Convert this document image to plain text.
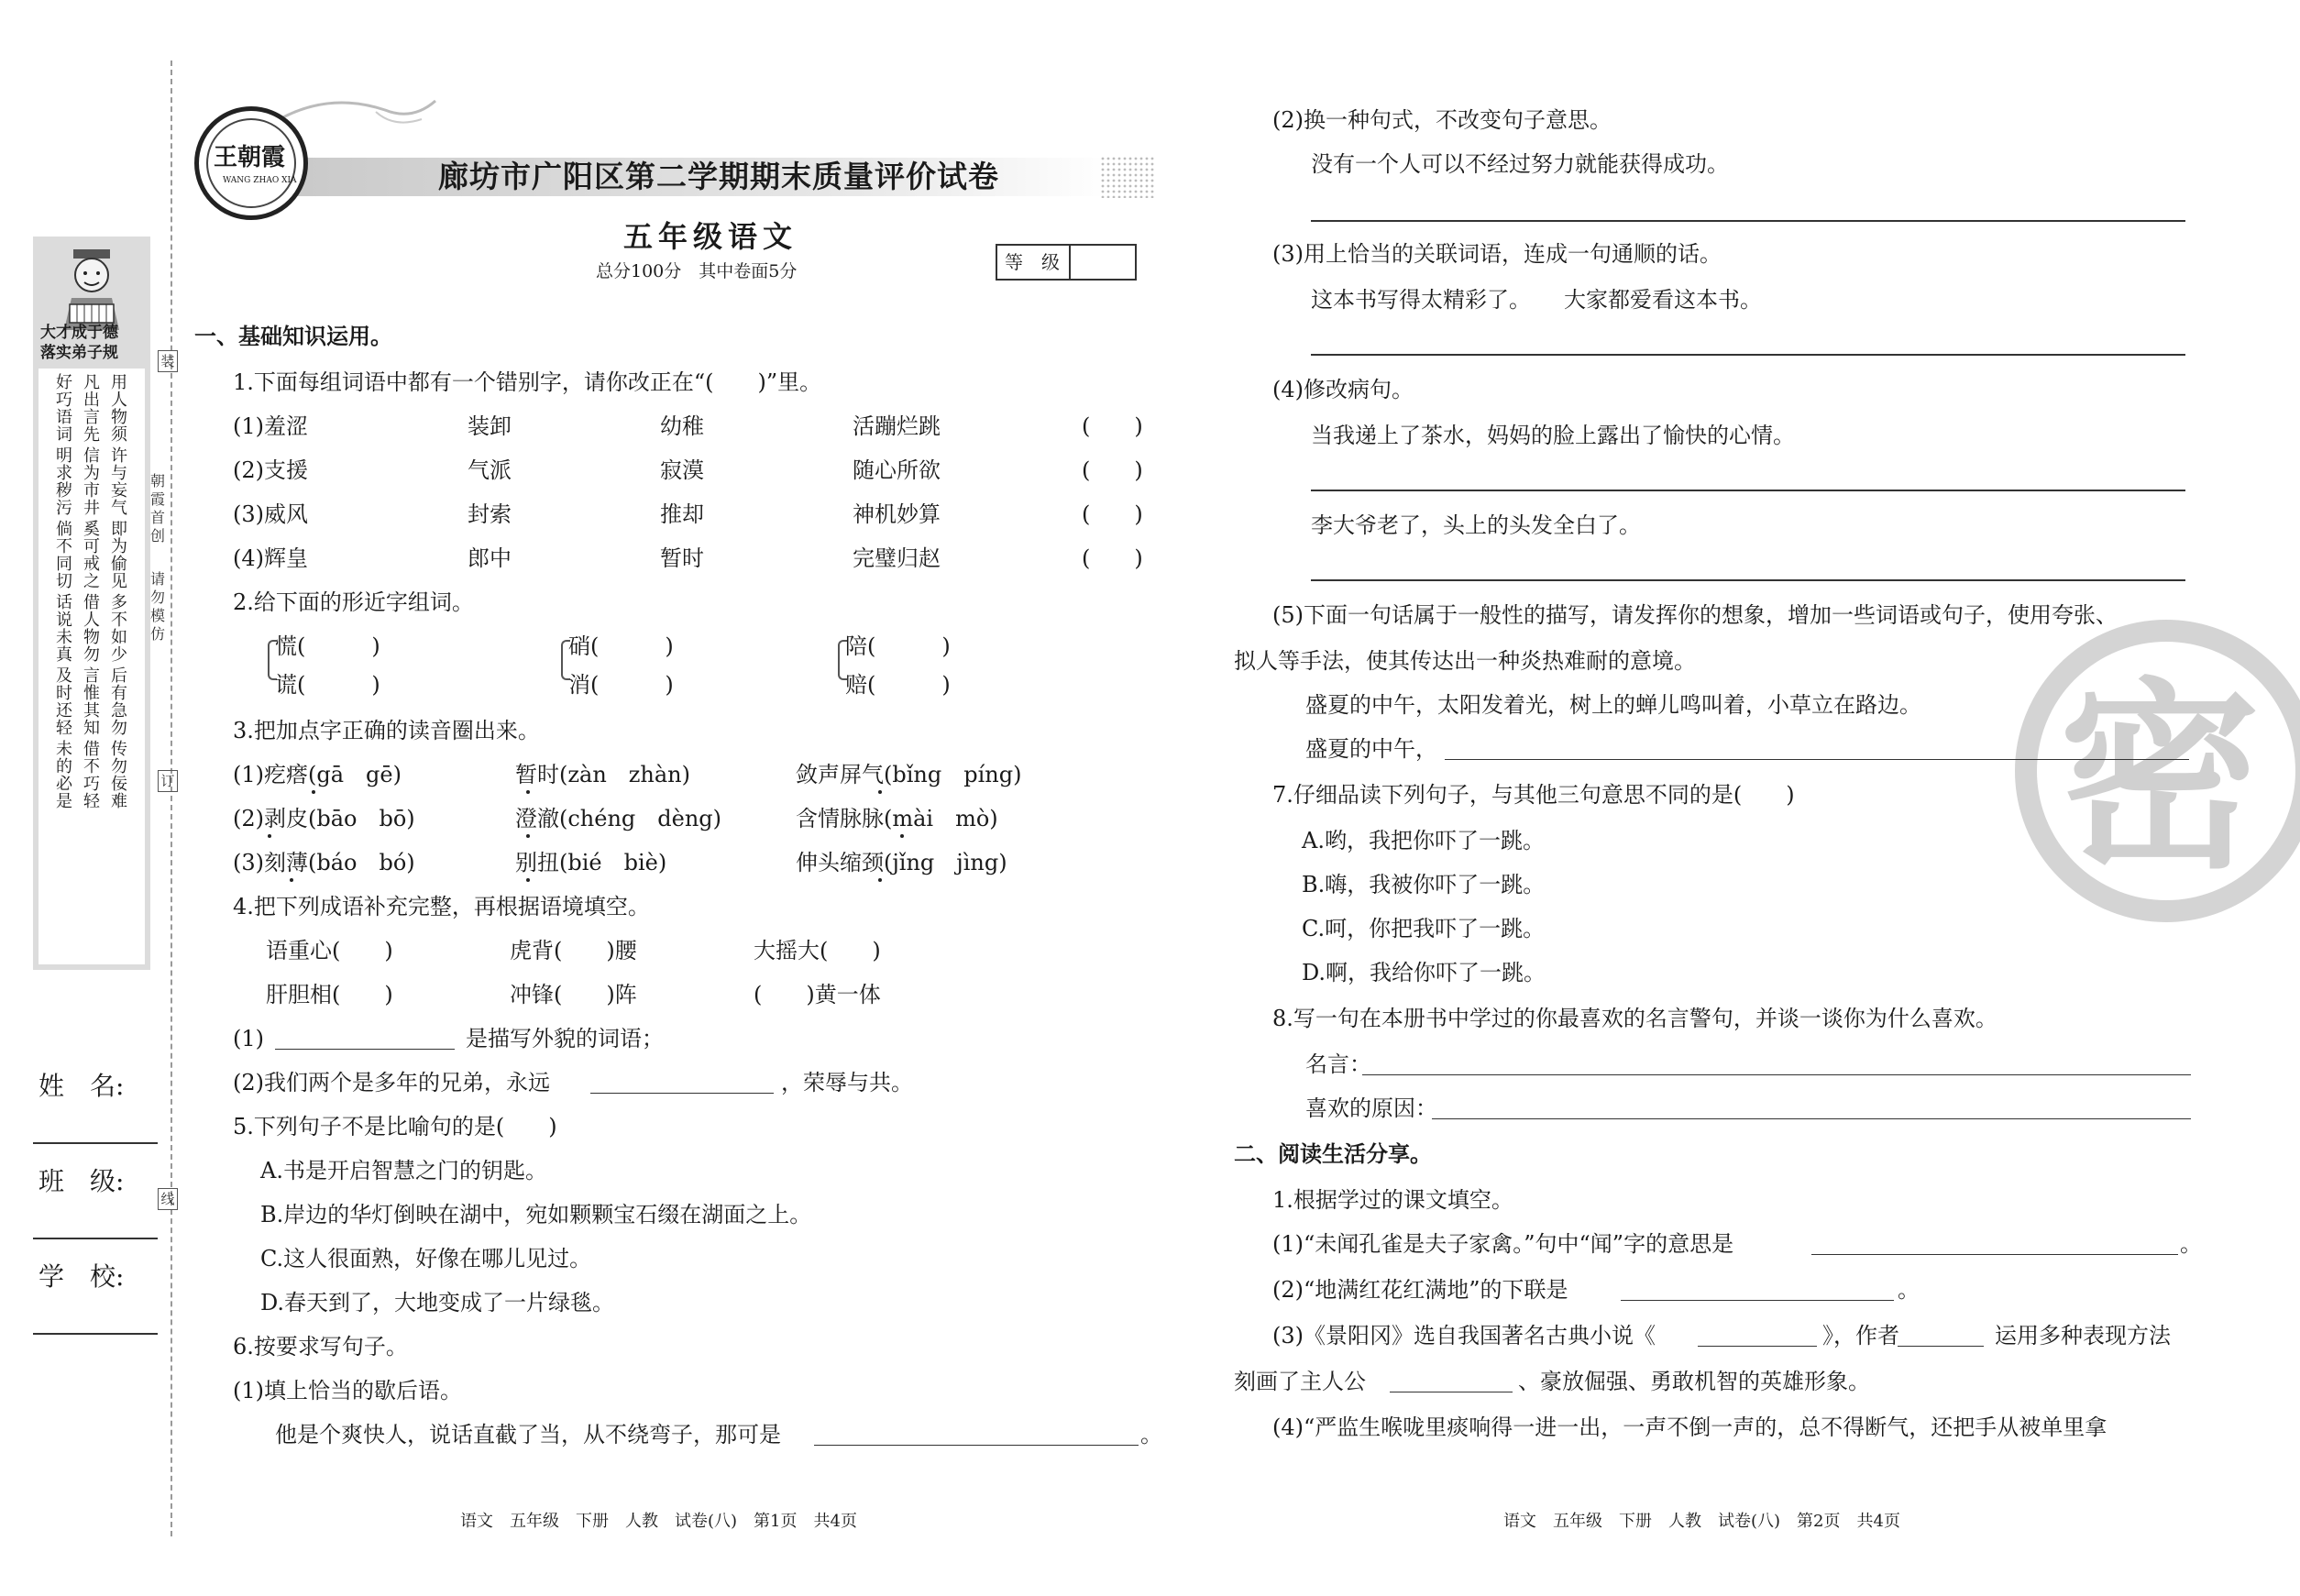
装
订
线
朝霞首创
请勿模仿
大才成于德
落实弟子规
好巧语词
凡出言先
用人物须
明求秽污
信为市井
许与妄气
倘不同切
奚可戒之
即为偷见
话说未真
借人物勿
多不如少
及时还轻
言惟其知
后有急勿
未的必是
借不巧轻
传勿佞难
姓　名:
班　级:
学　校:
王朝霞
WANG ZHAO XIA	廊坊市广阳区第二学期期末质量评价试卷
五年级语文
总分100分　其中卷面5分	等　级
一、基础知识运用。
1.下面每组词语中都有一个错别字，请你改正在“(　　)”里。
(1)羞涩	装卸	幼稚	活蹦烂跳	(　　)
(2)支援	气派	寂漠	随心所欲	(　　)
(3)威风	封索	推却	神机妙算	(　　)
(4)辉皇	郎中	暂时	完璧归赵	(　　)
2.给下面的形近字组词。
慌(　　　)
谎(　　　)
硝(　　　)
消(　　　)
陪(　　　)
赔(　　　)
3.把加点字正确的读音圈出来。
(1)疙瘩(gā　gē)	暂时(zàn　zhàn)	敛声屏气(bǐng　píng)
(2)剥皮(bāo　bō)	澄澈(chéng　dèng)	含情脉脉(mài　mò)
(3)刻薄(báo　bó)	别扭(bié　biè)	伸头缩颈(jǐng　jìng)
4.把下列成语补充完整，再根据语境填空。
语重心(　　)	虎背(　　)腰	大摇大(　　)
肝胆相(　　)	冲锋(　　)阵	(　　)黄一体
(1)	是描写外貌的词语；
(2)我们两个是多年的兄弟，永远	，荣辱与共。
5.下列句子不是比喻句的是(　　)
A.书是开启智慧之门的钥匙。
B.岸边的华灯倒映在湖中，宛如颗颗宝石缀在湖面之上。
C.这人很面熟，好像在哪儿见过。
D.春天到了，大地变成了一片绿毯。
6.按要求写句子。
(1)填上恰当的歇后语。
他是个爽快人，说话直截了当，从不绕弯子，那可是	。
语文　五年级　下册　人教　试卷(八)　第1页　共4页
密
(2)换一种句式，不改变句子意思。
没有一个人可以不经过努力就能获得成功。
(3)用上恰当的关联词语，连成一句通顺的话。
这本书写得太精彩了。　　大家都爱看这本书。
(4)修改病句。
当我递上了茶水，妈妈的脸上露出了愉快的心情。
李大爷老了，头上的头发全白了。
(5)下面一句话属于一般性的描写，请发挥你的想象，增加一些词语或句子，使用夸张、
拟人等手法，使其传达出一种炎热难耐的意境。
盛夏的中午，太阳发着光，树上的蝉儿鸣叫着，小草立在路边。
盛夏的中午，
7.仔细品读下列句子，与其他三句意思不同的是(　　)
A.哟，我把你吓了一跳。
B.嗨，我被你吓了一跳。
C.呵，你把我吓了一跳。
D.啊，我给你吓了一跳。
8.写一句在本册书中学过的你最喜欢的名言警句，并谈一谈你为什么喜欢。
名言：
喜欢的原因：
二、阅读生活分享。
1.根据学过的课文填空。
(1)“未闻孔雀是夫子家禽。”句中“闻”字的意思是	。
(2)“地满红花红满地”的下联是	。
(3)《景阳冈》选自我国著名古典小说《	》，作者	运用多种表现方法
刻画了主人公	、豪放倔强、勇敢机智的英雄形象。
(4)“严监生喉咙里痰响得一进一出，一声不倒一声的，总不得断气，还把手从被单里拿
语文　五年级　下册　人教　试卷(八)　第2页　共4页
